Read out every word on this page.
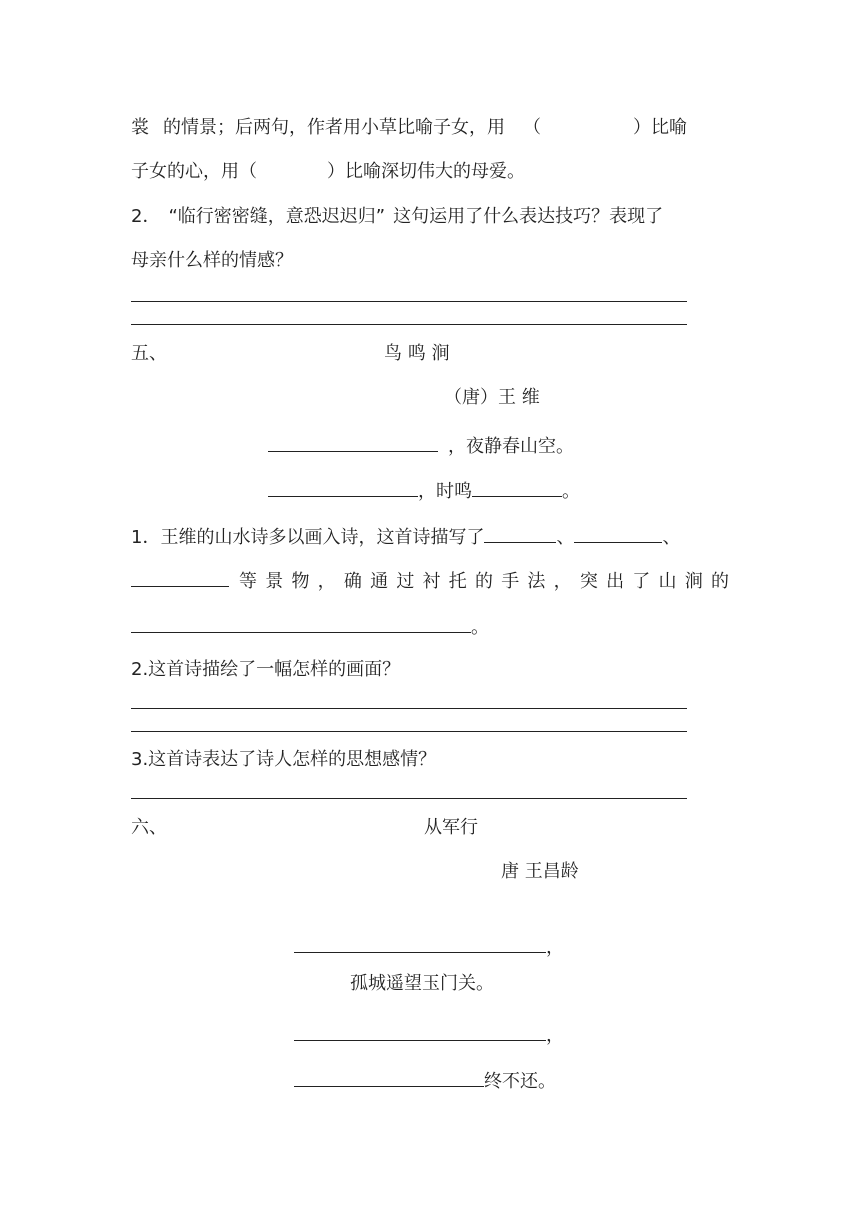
裳 的情景；后两句，作者用小草比喻子女，用 （	）比喻
子女的心，用（	）比喻深切伟大的母爱。
2． “临行密密缝，意恐迟迟归” 这句运用了什么表达技巧？表现了
母亲什么样的情感？
五、	鸟 鸣 涧
（唐）王 维
，夜静春山空。
，时鸣	。
1．王维的山水诗多以画入诗，这首诗描写了	、	、
等 景 物 ， 确 通 过 衬 托 的 手 法 ， 突 出 了 山 涧 的
。
2.这首诗描绘了一幅怎样的画面？
3.这首诗表达了诗人怎样的思想感情？
六、	从军行
唐 王昌龄
，
孤城遥望玉门关。
，
终不还。
